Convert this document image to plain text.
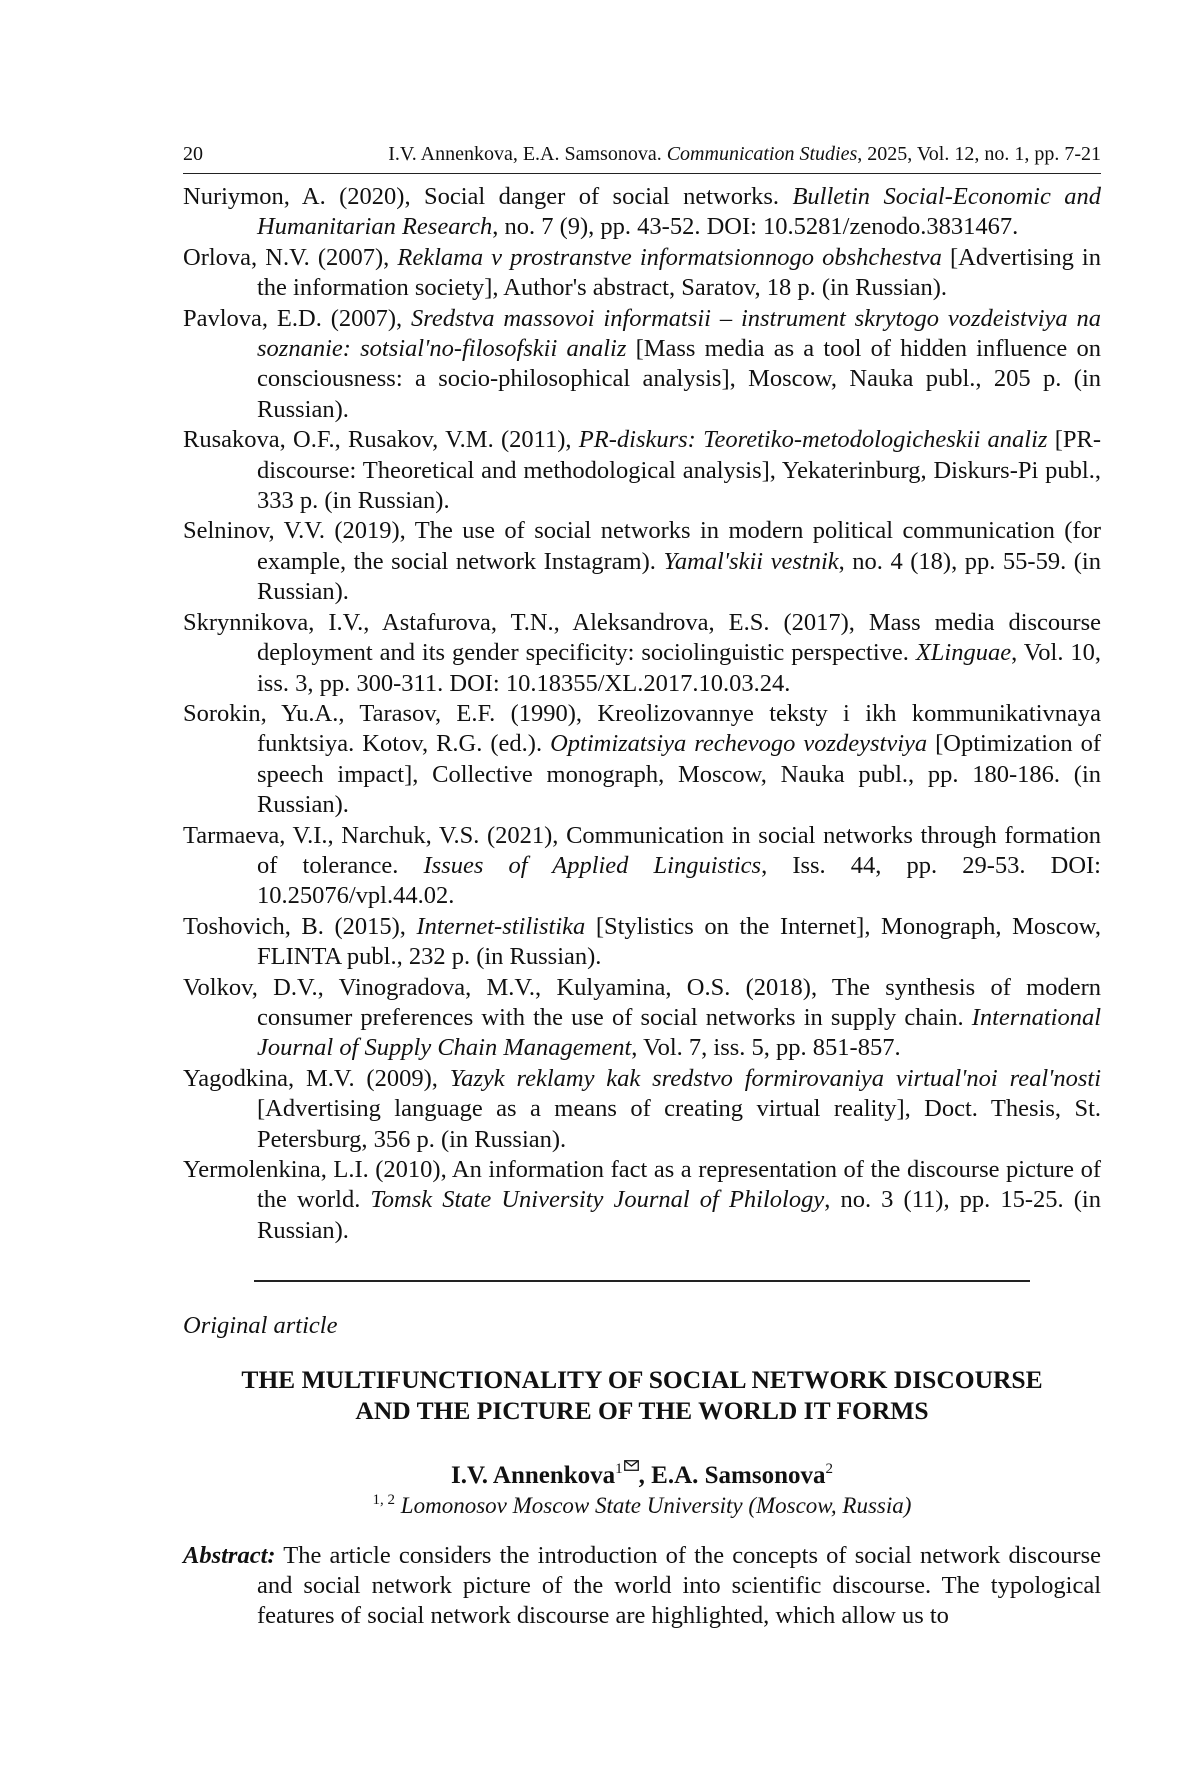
20	I.V. Annenkova, E.A. Samsonova. Communication Studies, 2025, Vol. 12, no. 1, pp. 7-21

Nuriymon, A. (2020), Social danger of social networks. Bulletin Social-Economic and Humanitarian Research, no. 7 (9), pp. 43-52. DOI: 10.5281/zenodo.3831467.

Orlova, N.V. (2007), Reklama v prostranstve informatsionnogo obshchestva [Advertising in the information society], Author's abstract, Saratov, 18 p. (in Russian).

Pavlova, E.D. (2007), Sredstva massovoi informatsii – instrument skrytogo vozdeistviya na soznanie: sotsial'no-filosofskii analiz [Mass media as a tool of hidden influence on consciousness: a socio-philosophical analysis], Moscow, Nauka publ., 205 p. (in Russian).

Rusakova, O.F., Rusakov, V.M. (2011), PR-diskurs: Teoretiko-metodologicheskii analiz [PR-discourse: Theoretical and methodological analysis], Yekaterinburg, Diskurs-Pi publ., 333 p. (in Russian).

Selninov, V.V. (2019), The use of social networks in modern political communication (for example, the social network Instagram). Yamal'skii vestnik, no. 4 (18), pp. 55-59. (in Russian).

Skrynnikova, I.V., Astafurova, T.N., Aleksandrova, E.S. (2017), Mass media discourse deployment and its gender specificity: sociolinguistic perspective. XLinguae, Vol. 10, iss. 3, pp. 300-311. DOI: 10.18355/XL.2017.10.03.24.

Sorokin, Yu.A., Tarasov, E.F. (1990), Kreolizovannye teksty i ikh kommunikativnaya funktsiya. Kotov, R.G. (ed.). Optimizatsiya rechevogo vozdeystviya [Optimization of speech impact], Collective monograph, Moscow, Nauka publ., pp. 180-186. (in Russian).

Tarmaeva, V.I., Narchuk, V.S. (2021), Communication in social networks through formation of tolerance. Issues of Applied Linguistics, Iss. 44, pp. 29-53. DOI: 10.25076/vpl.44.02.

Toshovich, B. (2015), Internet-stilistika [Stylistics on the Internet], Monograph, Moscow, FLINTA publ., 232 p. (in Russian).

Volkov, D.V., Vinogradova, M.V., Kulyamina, O.S. (2018), The synthesis of modern consumer preferences with the use of social networks in supply chain. International Journal of Supply Chain Management, Vol. 7, iss. 5, pp. 851-857.

Yagodkina, M.V. (2009), Yazyk reklamy kak sredstvo formirovaniya virtual'noi real'nosti [Advertising language as a means of creating virtual reality], Doct. Thesis, St. Petersburg, 356 p. (in Russian).

Yermolenkina, L.I. (2010), An information fact as a representation of the discourse picture of the world. Tomsk State University Journal of Philology, no. 3 (11), pp. 15-25. (in Russian).

Original article
THE MULTIFUNCTIONALITY OF SOCIAL NETWORK DISCOURSE
AND THE PICTURE OF THE WORLD IT FORMS
I.V. Annenkova$^1$ , E.A. Samsonova$^2$
$^{1, 2}$ Lomonosov Moscow State University (Moscow, Russia)
Abstract: The article considers the introduction of the concepts of social network discourse and social network picture of the world into scientific discourse. The typological features of social network discourse are highlighted, which allow us to
